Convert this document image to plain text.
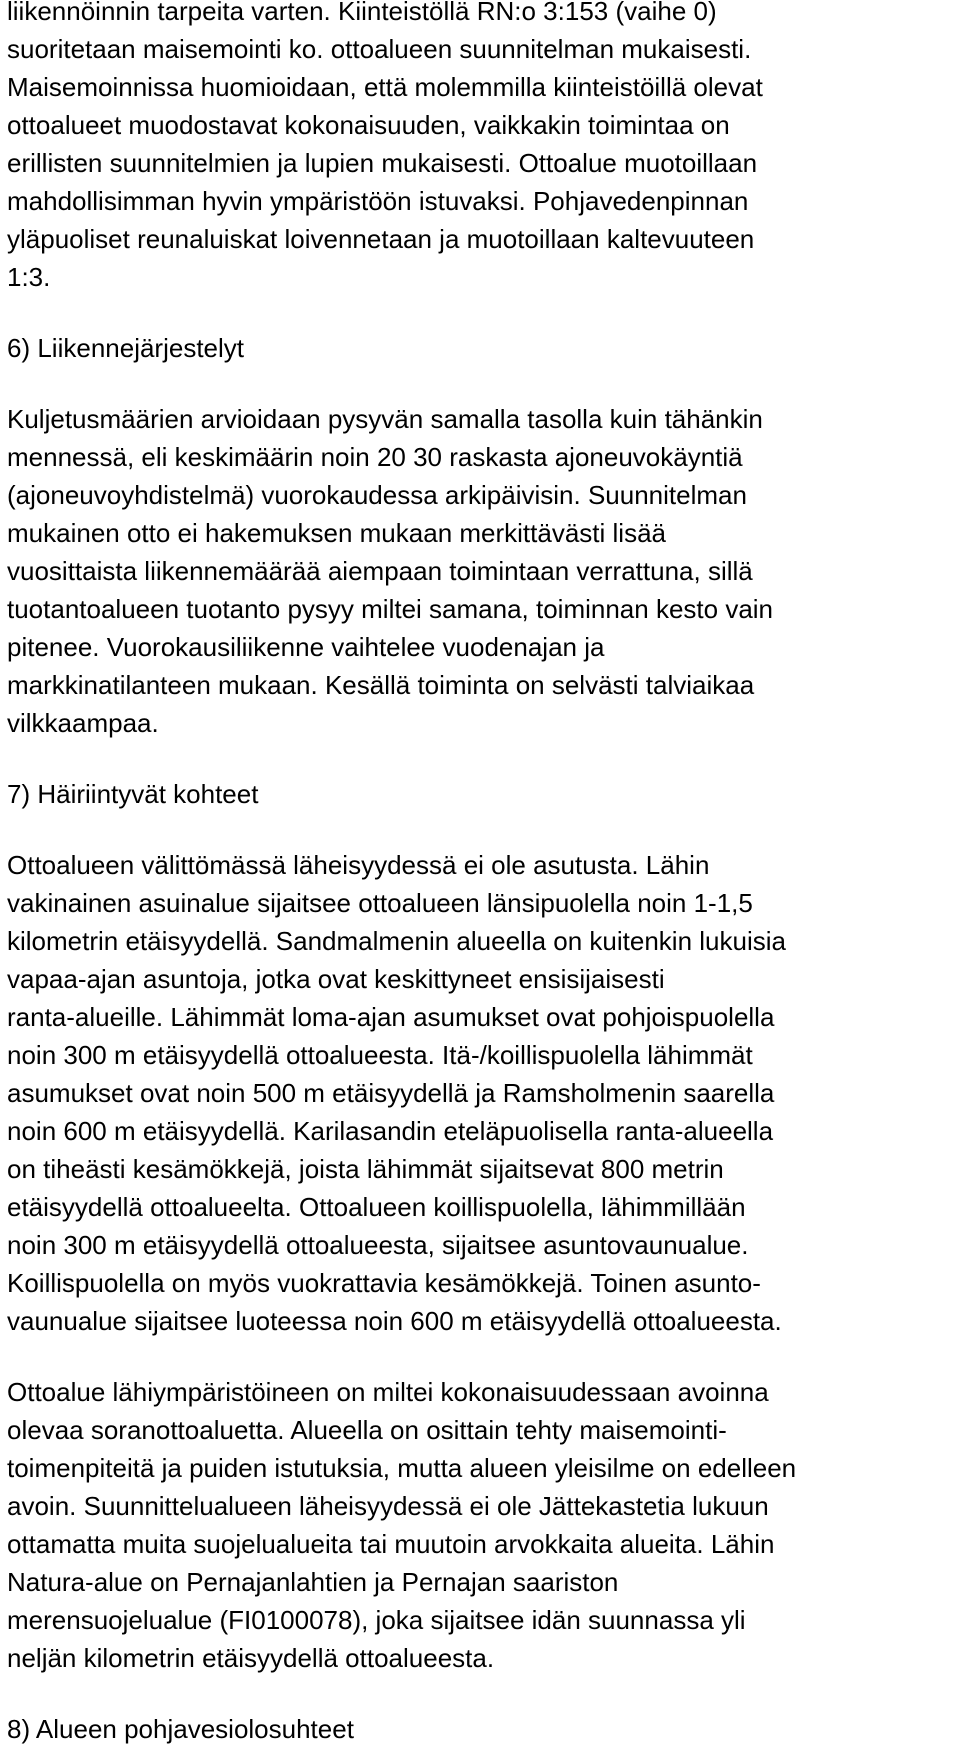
liikennöinnin tarpeita varten. Kiinteistöllä RN:o 3:153 (vaihe 0)
suoritetaan maisemointi ko. ottoalueen suunnitelman mukaisesti.
Maisemoinnissa huomioidaan, että molemmilla kiinteistöillä olevat
ottoalueet muodostavat kokonaisuuden, vaikkakin toimintaa on
erillisten suunnitelmien ja lupien mukaisesti. Ottoalue muotoillaan
mahdollisimman hyvin ympäristöön istuvaksi. Pohjavedenpinnan
yläpuoliset reunaluiskat loivennetaan ja muotoillaan kaltevuuteen
1:3.
6) Liikennejärjestelyt
Kuljetusmäärien arvioidaan pysyvän samalla tasolla kuin tähänkin
mennessä, eli keskimäärin noin 20 30 raskasta ajoneuvokäyntiä
(ajoneuvoyhdistelmä) vuorokaudessa arkipäivisin. Suunnitelman
mukainen otto ei hakemuksen mukaan merkittävästi lisää
vuosittaista liikennemäärää aiempaan toimintaan verrattuna, sillä
tuotantoalueen tuotanto pysyy miltei samana, toiminnan kesto vain
pitenee. Vuorokausiliikenne vaihtelee vuodenajan ja
markkinatilanteen mukaan. Kesällä toiminta on selvästi talviaikaa
vilkkaampaa.
7) Häiriintyvät kohteet
Ottoalueen välittömässä läheisyydessä ei ole asutusta. Lähin
vakinainen asuinalue sijaitsee ottoalueen länsipuolella noin 1-1,5
kilometrin etäisyydellä. Sandmalmenin alueella on kuitenkin lukuisia
vapaa-ajan asuntoja, jotka ovat keskittyneet ensisijaisesti
ranta-alueille. Lähimmät loma-ajan asumukset ovat pohjoispuolella
noin 300 m etäisyydellä ottoalueesta. Itä-/koillispuolella lähimmät
asumukset ovat noin 500 m etäisyydellä ja Ramsholmenin saarella
noin 600 m etäisyydellä. Karilasandin eteläpuolisella ranta-alueella
on tiheästi kesämökkejä, joista lähimmät sijaitsevat 800 metrin
etäisyydellä ottoalueelta. Ottoalueen koillispuolella, lähimmillään
noin 300 m etäisyydellä ottoalueesta, sijaitsee asuntovaunualue.
Koillispuolella on myös vuokrattavia kesämökkejä. Toinen asunto-
vaunualue sijaitsee luoteessa noin 600 m etäisyydellä ottoalueesta.
Ottoalue lähiympäristöineen on miltei kokonaisuudessaan avoinna
olevaa soranottoaluetta. Alueella on osittain tehty maisemointi-
toimenpiteitä ja puiden istutuksia, mutta alueen yleisilme on edelleen
avoin. Suunnittelualueen läheisyydessä ei ole Jättekastetia lukuun
ottamatta muita suojelualueita tai muutoin arvokkaita alueita. Lähin
Natura-alue on Pernajanlahtien ja Pernajan saariston
merensuojelualue (FI0100078), joka sijaitsee idän suunnassa yli
neljän kilometrin etäisyydellä ottoalueesta.
8) Alueen pohjavesiolosuhteet
